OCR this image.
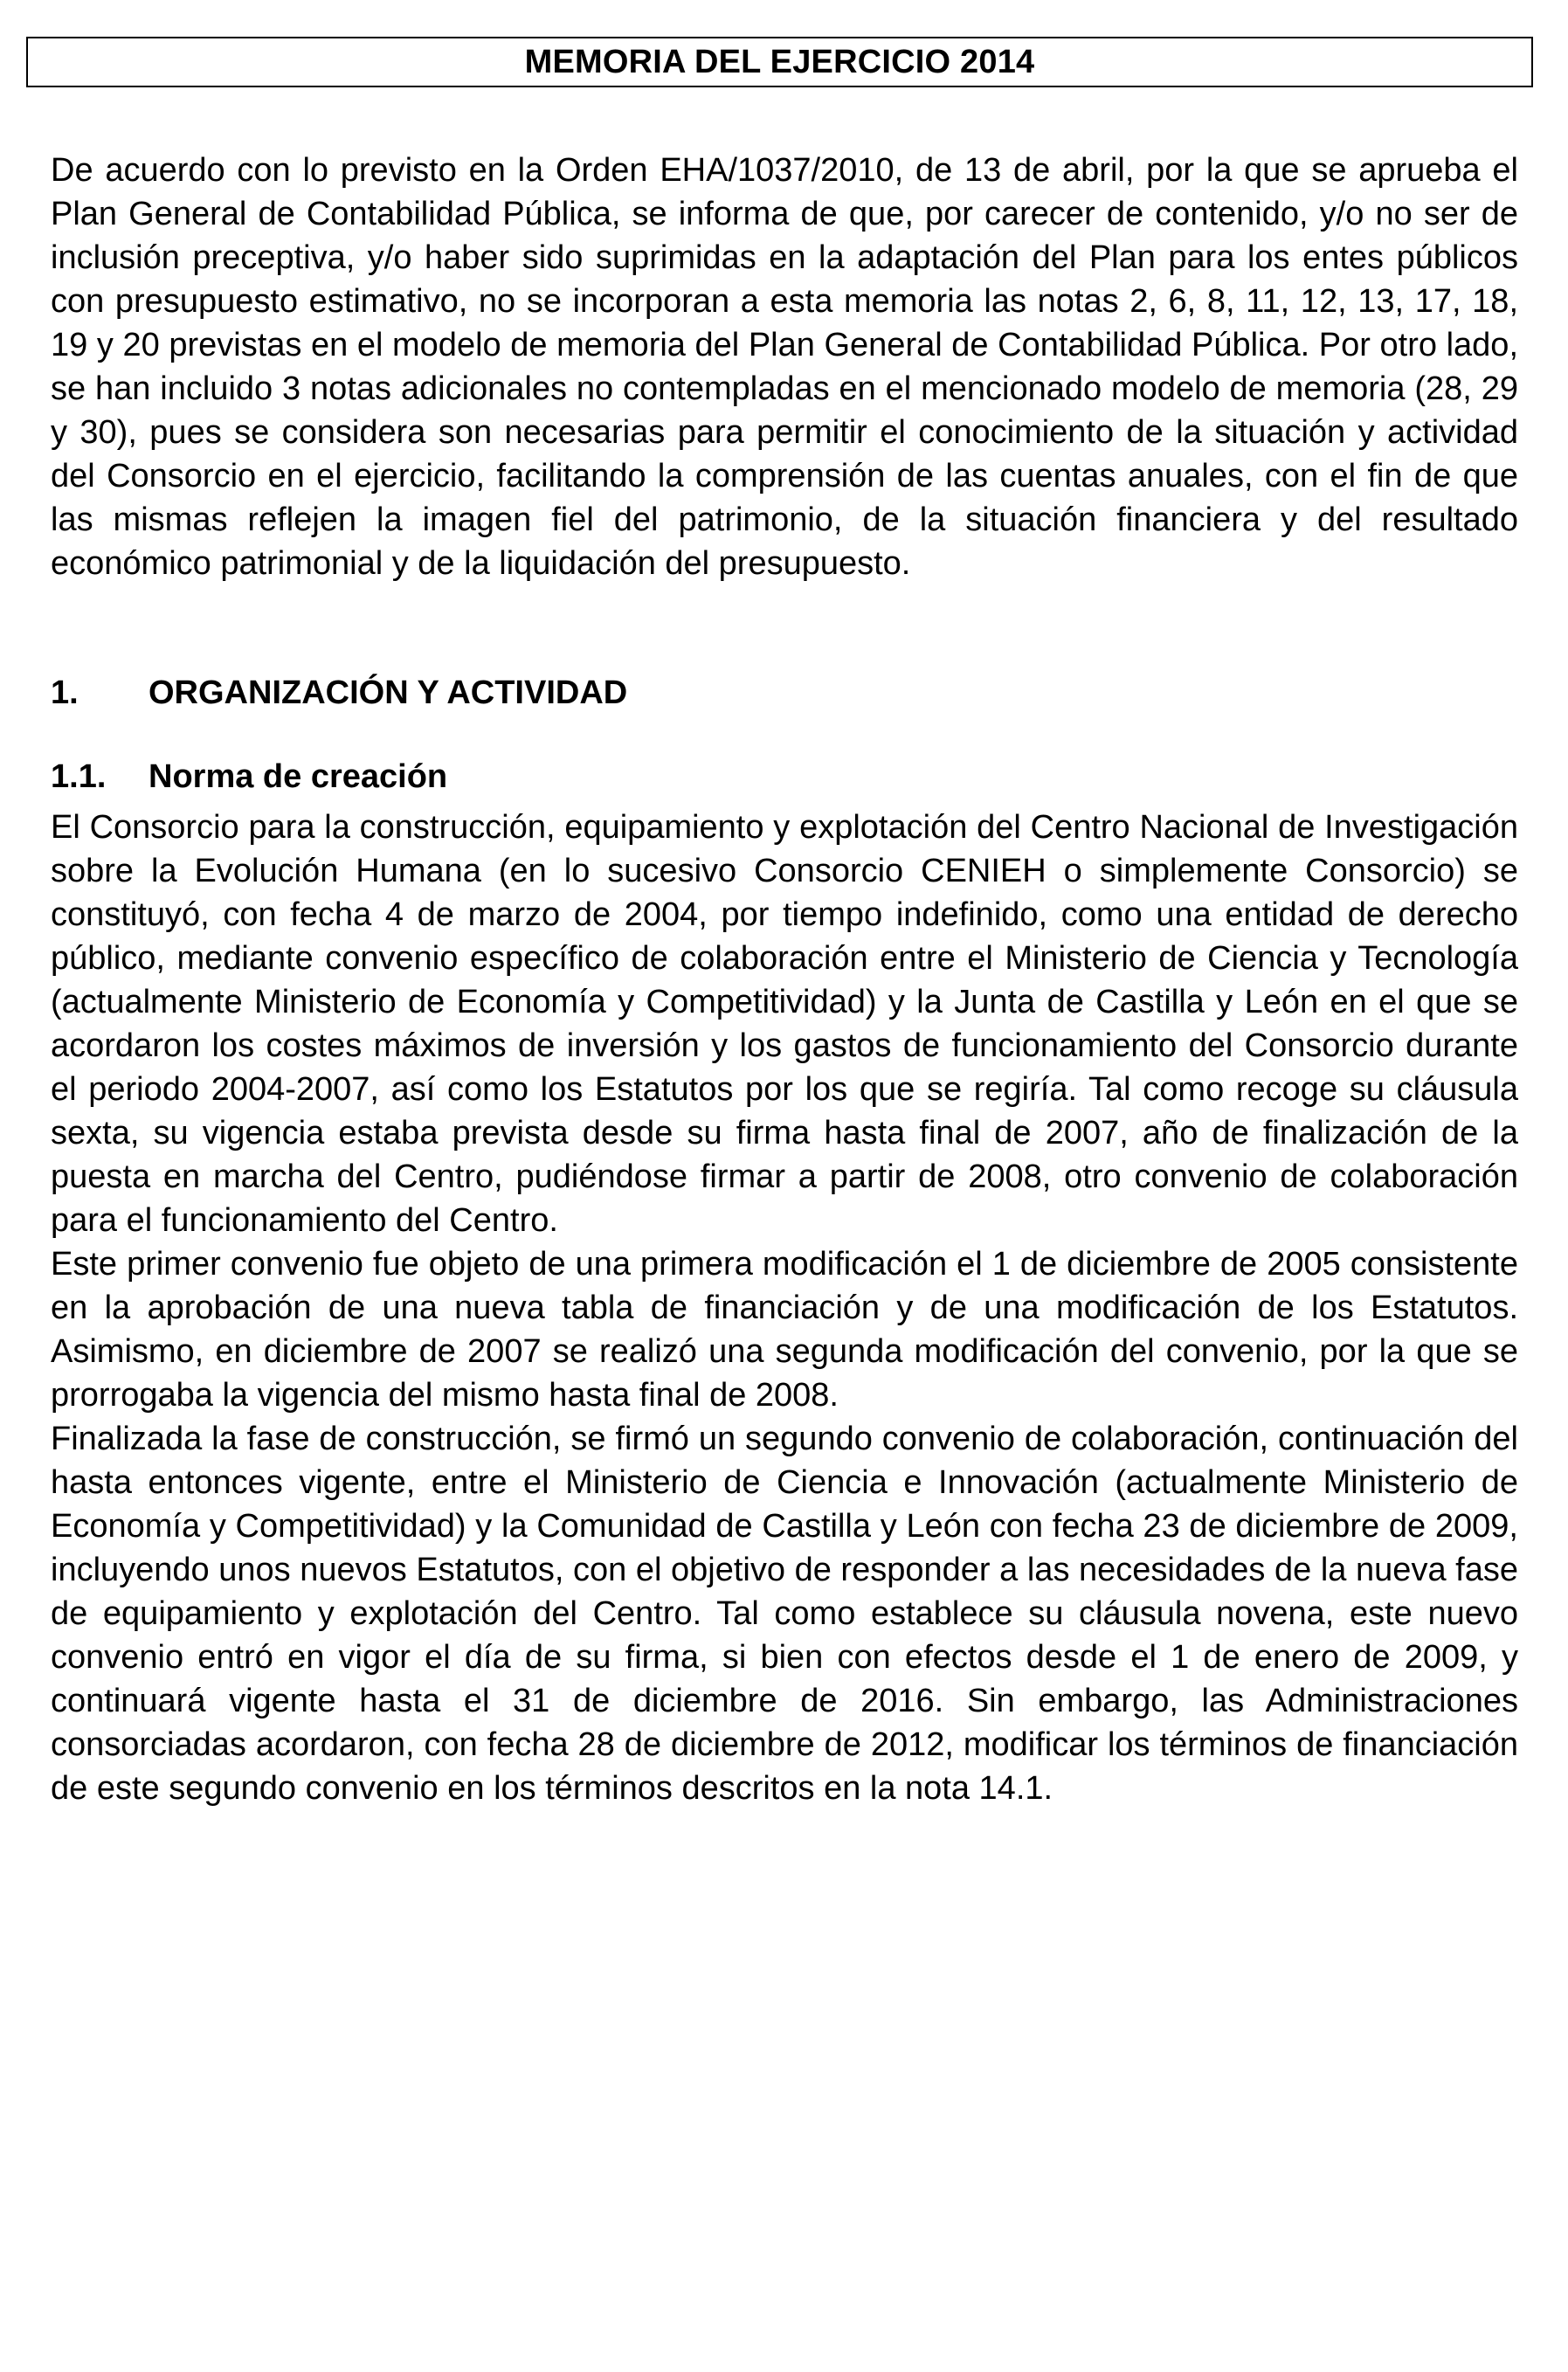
MEMORIA DEL EJERCICIO 2014

De acuerdo con lo previsto en la Orden EHA/1037/2010, de 13 de abril, por la que se aprueba el Plan General de Contabilidad Pública, se informa de que, por carecer de contenido, y/o no ser de inclusión preceptiva, y/o haber sido suprimidas en la adaptación del Plan para los entes públicos con presupuesto estimativo, no se incorporan a esta memoria las notas 2, 6, 8, 11, 12, 13, 17, 18, 19 y 20 previstas en el modelo de memoria del Plan General de Contabilidad Pública. Por otro lado, se han incluido 3 notas adicionales no contempladas en el mencionado modelo de memoria (28, 29 y 30), pues se considera son necesarias para permitir el conocimiento de la situación y actividad del Consorcio en el ejercicio, facilitando la comprensión de las cuentas anuales, con el fin de que las mismas reflejen la imagen fiel del patrimonio, de la situación financiera y del resultado económico patrimonial y de la liquidación del presupuesto.

1.	ORGANIZACIÓN Y ACTIVIDAD
1.1.	Norma de creación

El Consorcio para la construcción, equipamiento y explotación del Centro Nacional de Investigación sobre la Evolución Humana (en lo sucesivo Consorcio CENIEH o simplemente Consorcio) se constituyó, con fecha 4 de marzo de 2004, por tiempo indefinido, como una entidad de derecho público, mediante convenio específico de colaboración entre el Ministerio de Ciencia y Tecnología (actualmente Ministerio de Economía y Competitividad) y la Junta de Castilla y León en el que se acordaron los costes máximos de inversión y los gastos de funcionamiento del Consorcio durante el periodo 2004-2007, así como los Estatutos por los que se regiría. Tal como recoge su cláusula sexta, su vigencia estaba prevista desde su firma hasta final de 2007, año de finalización de la puesta en marcha del Centro, pudiéndose firmar a partir de 2008, otro convenio de colaboración para el funcionamiento del Centro.

Este primer convenio fue objeto de una primera modificación el 1 de diciembre de 2005 consistente en la aprobación de una nueva tabla de financiación y de una modificación de los Estatutos. Asimismo, en diciembre de 2007 se realizó una segunda modificación del convenio, por la que se prorrogaba la vigencia del mismo hasta final de 2008.

Finalizada la fase de construcción, se firmó un segundo convenio de colaboración, continuación del hasta entonces vigente, entre el Ministerio de Ciencia e Innovación (actualmente Ministerio de Economía y Competitividad) y la Comunidad de Castilla y León con fecha 23 de diciembre de 2009, incluyendo unos nuevos Estatutos, con el objetivo de responder a las necesidades de la nueva fase de equipamiento y explotación del Centro. Tal como establece su cláusula novena, este nuevo convenio entró en vigor el día de su firma, si bien con efectos desde el 1 de enero de 2009, y continuará vigente hasta el 31 de diciembre de 2016. Sin embargo, las Administraciones consorciadas acordaron, con fecha 28 de diciembre de 2012, modificar los términos de financiación de este segundo convenio en los términos descritos en la nota 14.1.
